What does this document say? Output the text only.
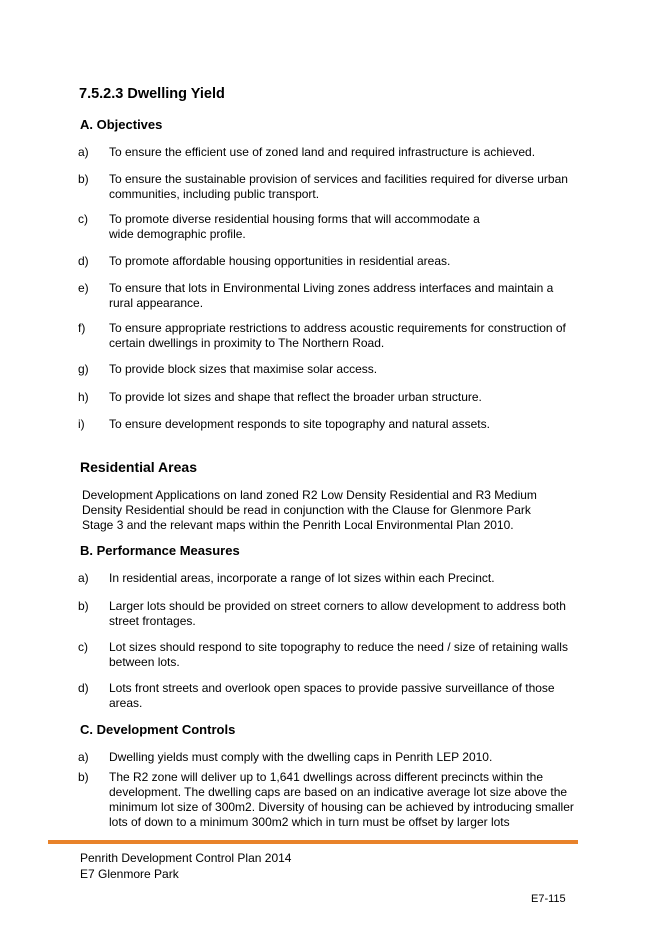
7.5.2.3 Dwelling Yield
A. Objectives
a) To ensure the efficient use of zoned land and required infrastructure is achieved.
b) To ensure the sustainable provision of services and facilities required for diverse urban communities, including public transport.
c) To promote diverse residential housing forms that will accommodate a wide demographic profile.
d) To promote affordable housing opportunities in residential areas.
e) To ensure that lots in Environmental Living zones address interfaces and maintain a rural appearance.
f) To ensure appropriate restrictions to address acoustic requirements for construction of certain dwellings in proximity to The Northern Road.
g) To provide block sizes that maximise solar access.
h) To provide lot sizes and shape that reflect the broader urban structure.
i) To ensure development responds to site topography and natural assets.
Residential Areas

Development Applications on land zoned R2 Low Density Residential and R3 Medium Density Residential should be read in conjunction with the Clause for Glenmore Park Stage 3 and the relevant maps within the Penrith Local Environmental Plan 2010.

B. Performance Measures
a) In residential areas, incorporate a range of lot sizes within each Precinct.
b) Larger lots should be provided on street corners to allow development to address both street frontages.
c) Lot sizes should respond to site topography to reduce the need / size of retaining walls between lots.
d) Lots front streets and overlook open spaces to provide passive surveillance of those areas.
C. Development Controls
a) Dwelling yields must comply with the dwelling caps in Penrith LEP 2010.
b) The R2 zone will deliver up to 1,641 dwellings across different precincts within the development. The dwelling caps are based on an indicative average lot size above the minimum lot size of 300m2. Diversity of housing can be achieved by introducing smaller lots of down to a minimum 300m2 which in turn must be offset by larger lots
Penrith Development Control Plan 2014
E7 Glenmore Park
E7-115
